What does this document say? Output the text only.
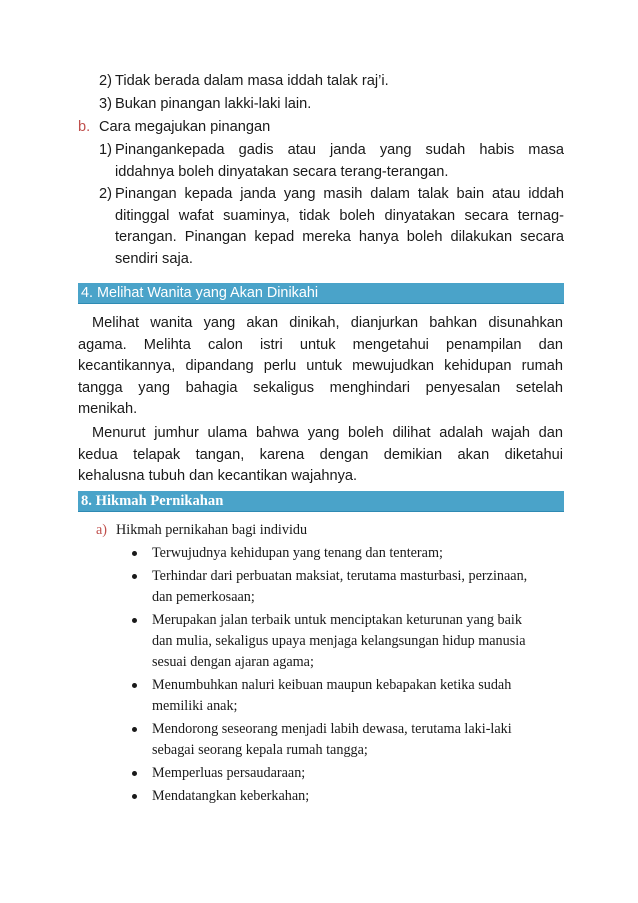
2) Tidak berada dalam masa iddah talak raj’i.
3) Bukan pinangan lakki-laki lain.
b. Cara megajukan pinangan
1) Pinangankepada gadis atau janda yang sudah habis masa
iddahnya boleh dinyatakan secara terang-terangan.
2) Pinangan kepada janda yang masih dalam talak bain atau iddah
ditinggal wafat suaminya, tidak boleh dinyatakan secara ternag-
terangan. Pinangan kepad mereka hanya boleh dilakukan secara
sendiri saja.
4. Melihat Wanita yang Akan Dinikahi
Melihat wanita yang akan dinikah, dianjurkan bahkan disunahkan
agama. Melihta calon istri untuk mengetahui penampilan dan
kecantikannya, dipandang perlu untuk mewujudkan kehidupan rumah
tangga yang bahagia sekaligus menghindari penyesalan setelah
menikah.
Menurut jumhur ulama bahwa yang boleh dilihat adalah wajah dan
kedua telapak tangan, karena dengan demikian akan diketahui
kehalusna tubuh dan kecantikan wajahnya.
8. Hikmah Pernikahan
a) Hikmah pernikahan bagi individu
Terwujudnya kehidupan yang tenang dan tenteram;
Terhindar dari perbuatan maksiat, terutama masturbasi, perzinaan,
dan pemerkosaan;
Merupakan jalan terbaik untuk menciptakan keturunan yang baik
dan mulia, sekaligus upaya menjaga kelangsungan hidup manusia
sesuai dengan ajaran agama;
Menumbuhkan naluri keibuan maupun kebapakan ketika sudah
memiliki anak;
Mendorong seseorang menjadi labih dewasa, terutama laki-laki
sebagai seorang kepala rumah tangga;
Memperluas persaudaraan;
Mendatangkan keberkahan;
